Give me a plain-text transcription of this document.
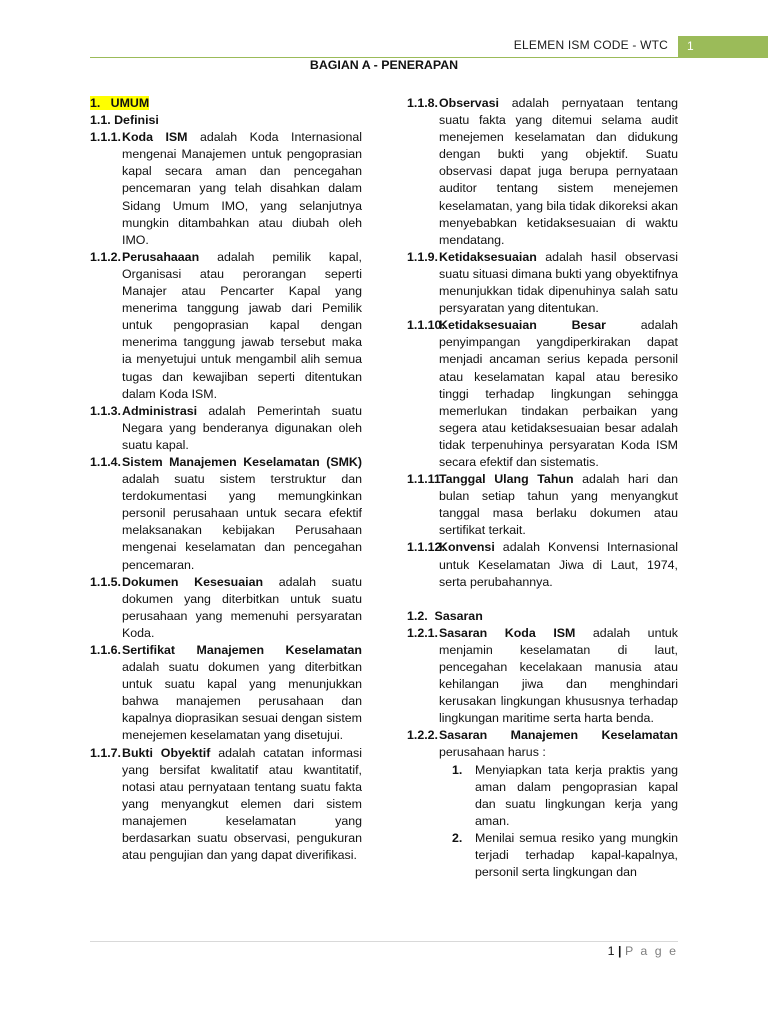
ELEMEN ISM CODE - WTC	1
BAGIAN A - PENERAPAN
1.   UMUM
1.1. Definisi
1.1.1. Koda ISM adalah Koda Internasional mengenai Manajemen untuk pengoprasian kapal secara aman dan pencegahan pencemaran yang telah disahkan dalam Sidang Umum IMO, yang selanjutnya mungkin ditambahkan atau diubah oleh IMO.
1.1.2. Perusahaaan adalah pemilik kapal, Organisasi atau perorangan seperti Manajer atau Pencarter Kapal yang menerima tanggung jawab dari Pemilik untuk pengoprasian kapal dengan menerima tanggung jawab tersebut maka ia menyetujui untuk mengambil alih semua tugas dan kewajiban seperti ditentukan dalam Koda ISM.
1.1.3. Administrasi adalah Pemerintah suatu Negara yang benderanya digunakan oleh suatu kapal.
1.1.4. Sistem Manajemen Keselamatan (SMK) adalah suatu sistem terstruktur dan terdokumentasi yang memungkinkan personil perusahaan untuk secara efektif melaksanakan kebijakan Perusahaan mengenai keselamatan dan pencegahan pencemaran.
1.1.5. Dokumen Kesesuaian adalah suatu dokumen yang diterbitkan untuk suatu perusahaan yang memenuhi persyaratan Koda.
1.1.6. Sertifikat Manajemen Keselamatan adalah suatu dokumen yang diterbitkan untuk suatu kapal yang menunjukkan bahwa manajemen perusahaan dan kapalnya dioprasikan sesuai dengan sistem menejemen keselamatan yang disetujui.
1.1.7. Bukti Obyektif adalah catatan informasi yang bersifat kwalitatif atau kwantitatif, notasi atau pernyataan tentang suatu fakta yang menyangkut elemen dari sistem manajemen keselamatan yang berdasarkan suatu observasi, pengukuran atau pengujian dan yang dapat diverifikasi.
1.1.8. Observasi adalah pernyataan tentang suatu fakta yang ditemui selama audit menejemen keselamatan dan didukung dengan bukti yang objektif. Suatu observasi dapat juga berupa pernyataan auditor tentang sistem menejemen keselamatan, yang bila tidak dikoreksi akan menyebabkan ketidaksesuaian di waktu mendatang.
1.1.9. Ketidaksesuaian adalah hasil observasi suatu situasi dimana bukti yang obyektifnya menunjukkan tidak dipenuhinya salah satu persyaratan yang ditentukan.
1.1.10.
Ketidaksesuaian Besar adalah penyimpangan yangdiperkirakan dapat menjadi ancaman serius kepada personil atau keselamatan kapal atau beresiko tinggi terhadap lingkungan sehingga memerlukan tindakan perbaikan yang segera atau ketidaksesuaian besar adalah tidak terpenuhinya persyaratan Koda ISM secara efektif dan sistematis.
1.1.11.
Tanggal Ulang Tahun adalah hari dan bulan setiap tahun yang menyangkut tanggal masa berlaku dokumen atau sertifikat terkait.
1.1.12.
Konvensi adalah Konvensi Internasional untuk Keselamatan Jiwa di Laut, 1974, serta perubahannya.
1.2.  Sasaran
1.2.1. Sasaran Koda ISM adalah untuk menjamin keselamatan di laut, pencegahan kecelakaan manusia atau kehilangan jiwa dan menghindari kerusakan lingkungan khususnya terhadap lingkungan maritime serta harta benda.
1.2.2. Sasaran Manajemen Keselamatan perusahaan harus :
1. Menyiapkan tata kerja praktis yang aman dalam pengoprasian kapal dan suatu lingkungan kerja yang aman.
2. Menilai semua resiko yang mungkin terjadi terhadap kapal-kapalnya, personil serta lingkungan dan
1 | P a g e
